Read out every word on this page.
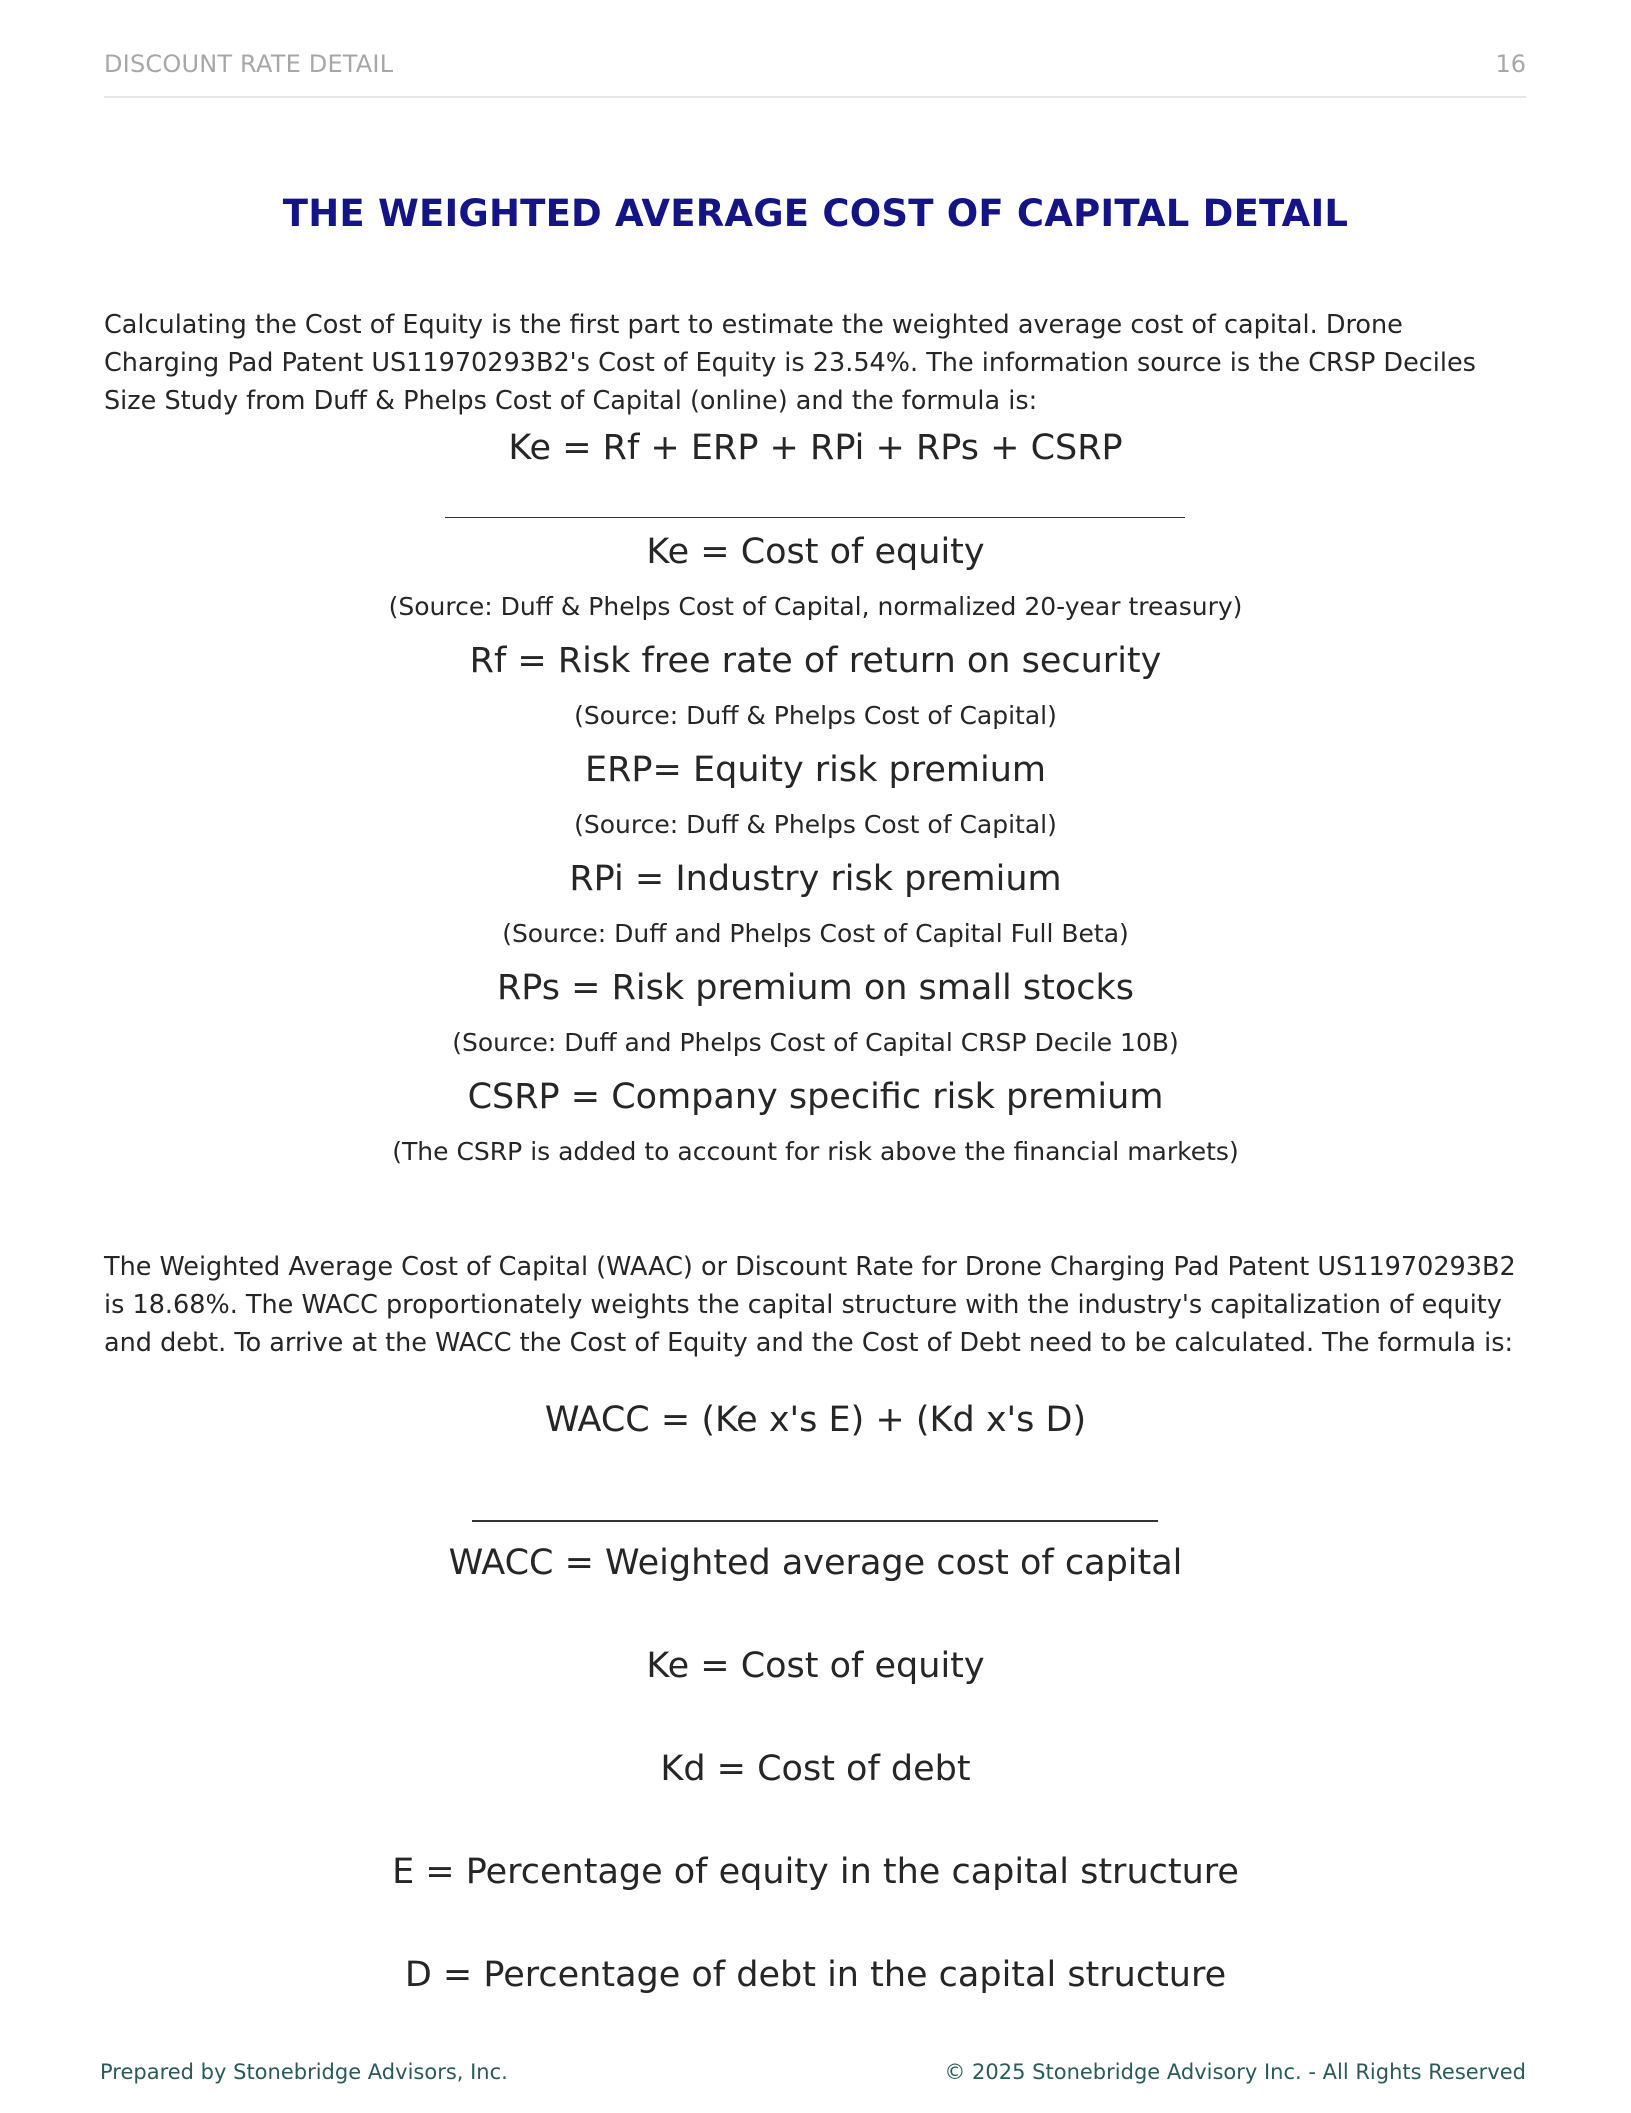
DISCOUNT RATE DETAIL	16
THE WEIGHTED AVERAGE COST OF CAPITAL DETAIL

Calculating the Cost of Equity is the first part to estimate the weighted average cost of capital. Drone Charging Pad Patent US11970293B2's Cost of Equity is 23.54%. The information source is the CRSP Deciles Size Study from Duff & Phelps Cost of Capital (online) and the formula is:

Ke = Rf + ERP + RPi + RPs + CSRP
Ke = Cost of equity
(Source: Duff & Phelps Cost of Capital, normalized 20-year treasury)
Rf = Risk free rate of return on security
(Source: Duff & Phelps Cost of Capital)
ERP= Equity risk premium
(Source: Duff & Phelps Cost of Capital)
RPi = Industry risk premium
(Source: Duff and Phelps Cost of Capital Full Beta)
RPs = Risk premium on small stocks
(Source: Duff and Phelps Cost of Capital CRSP Decile 10B)
CSRP = Company specific risk premium
(The CSRP is added to account for risk above the financial markets)

The Weighted Average Cost of Capital (WAAC) or Discount Rate for Drone Charging Pad Patent US11970293B2 is 18.68%. The WACC proportionately weights the capital structure with the industry's capitalization of equity and debt. To arrive at the WACC the Cost of Equity and the Cost of Debt need to be calculated. The formula is:

WACC = (Ke x's E) + (Kd x's D)
WACC = Weighted average cost of capital
Ke = Cost of equity
Kd = Cost of debt
E = Percentage of equity in the capital structure
D = Percentage of debt in the capital structure
Prepared by Stonebridge Advisors, Inc.	© 2025 Stonebridge Advisory Inc. - All Rights Reserved
